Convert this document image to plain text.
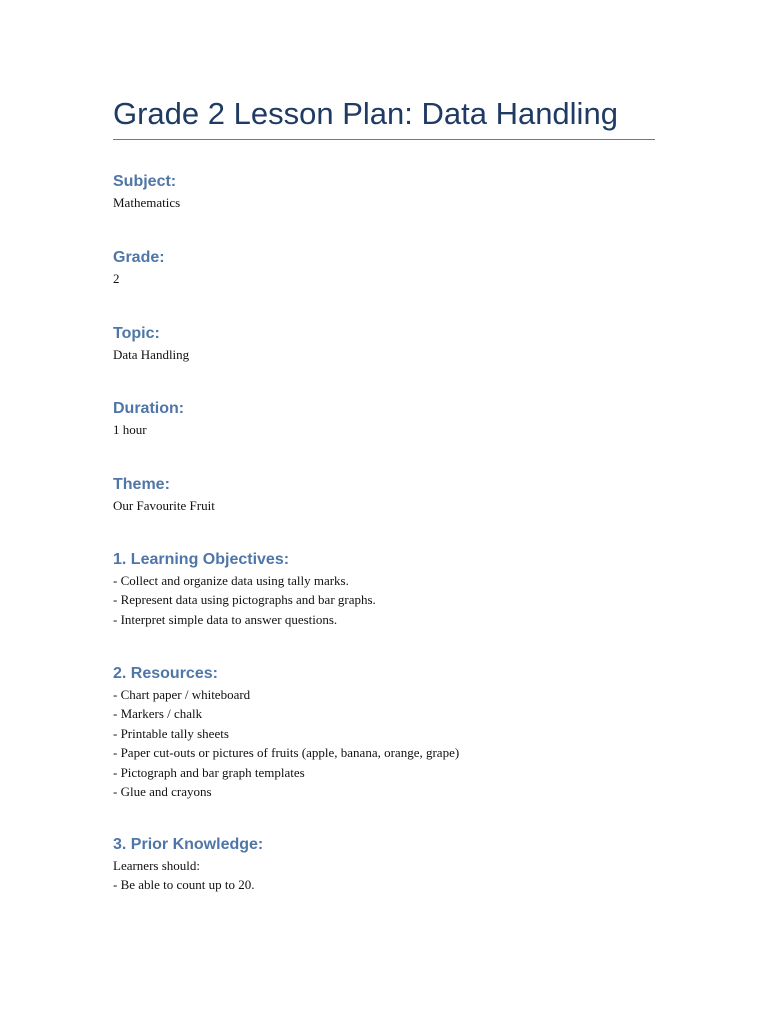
Grade 2 Lesson Plan: Data Handling

Subject:

Mathematics

Grade:

2

Topic:

Data Handling

Duration:

1 hour

Theme:

Our Favourite Fruit

1. Learning Objectives:

- Collect and organize data using tally marks.
- Represent data using pictographs and bar graphs.
- Interpret simple data to answer questions.

2. Resources:

- Chart paper / whiteboard
- Markers / chalk
- Printable tally sheets
- Paper cut-outs or pictures of fruits (apple, banana, orange, grape)
- Pictograph and bar graph templates
- Glue and crayons

3. Prior Knowledge:

Learners should:
- Be able to count up to 20.
